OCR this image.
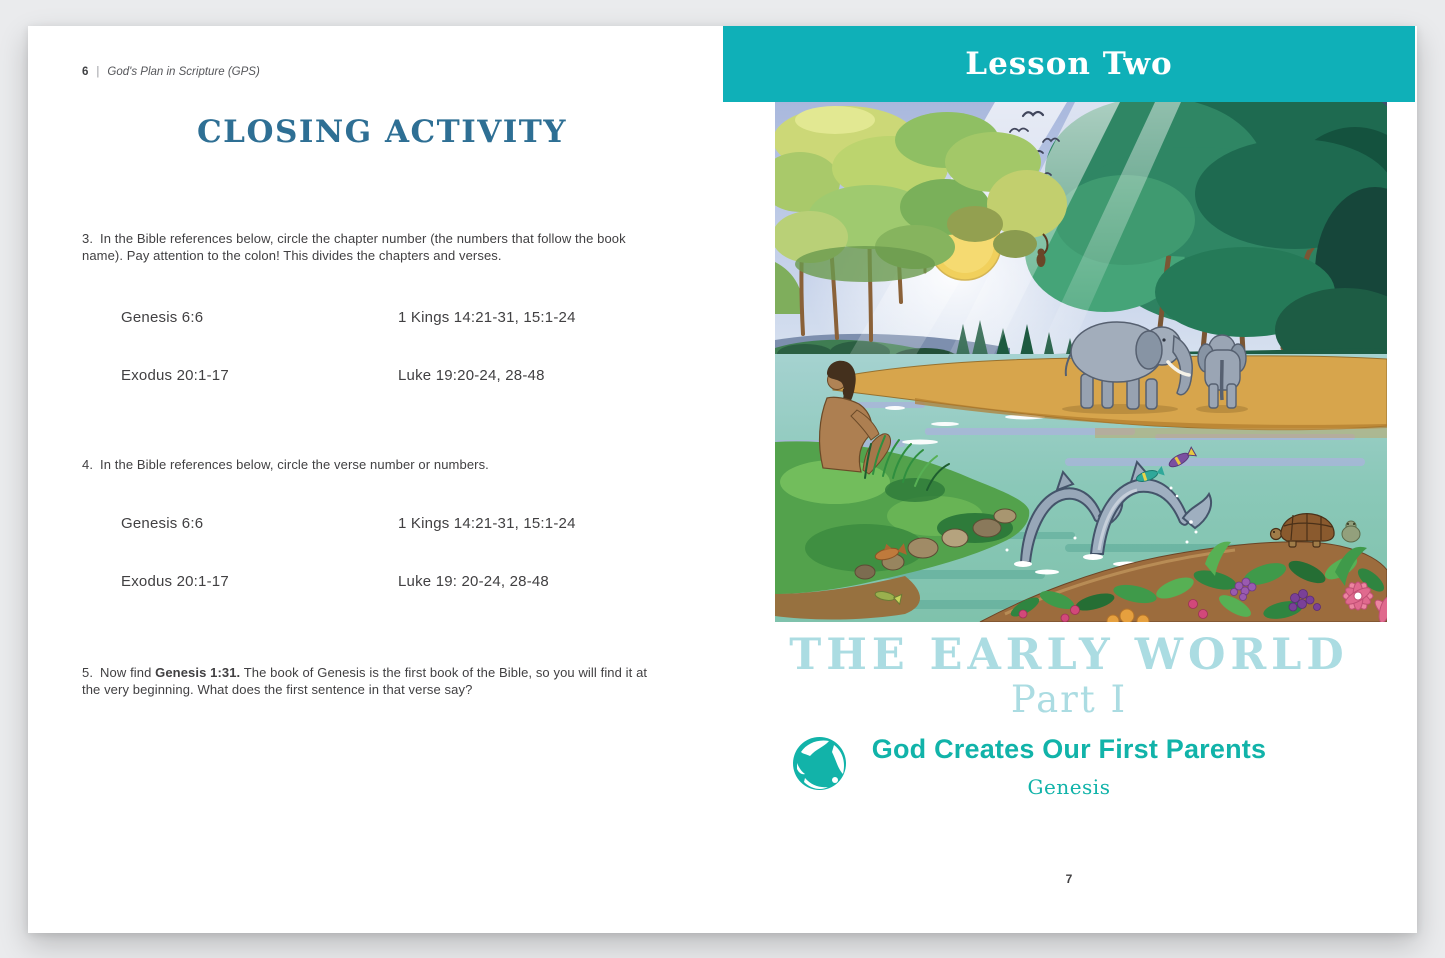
6 | God's Plan in Scripture (GPS)
CLOSING ACTIVITY
3. In the Bible references below, circle the chapter number (the numbers that follow the book name). Pay attention to the colon! This divides the chapters and verses.
Genesis 6:6	1 Kings 14:21-31, 15:1-24
Exodus 20:1-17	Luke 19:20-24, 28-48
4. In the Bible references below, circle the verse number or numbers.
Genesis 6:6	1 Kings 14:21-31, 15:1-24
Exodus 20:1-17	Luke 19: 20-24, 28-48
5. Now find Genesis 1:31. The book of Genesis is the first book of the Bible, so you will find it at the very beginning. What does the first sentence in that verse say?
Lesson Two
THE EARLY WORLD
Part I
God Creates Our First Parents
Genesis
7
